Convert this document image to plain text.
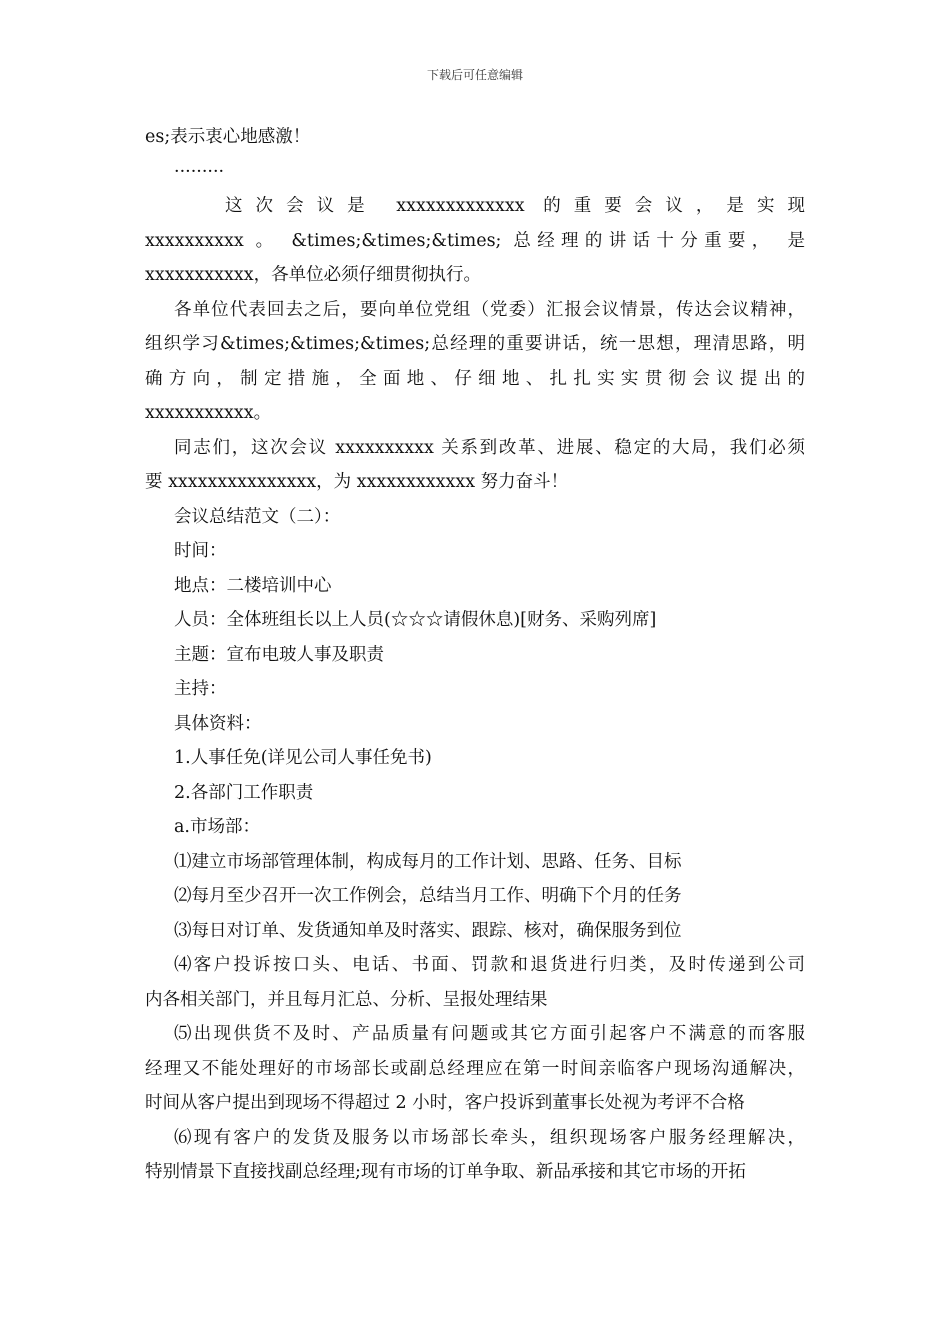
下载后可任意编辑

es;表示衷心地感激！

·········

这次会议是 xxxxxxxxxxxxx 的重要会议，是实现

xxxxxxxxxx 。 &times;&times;&times; 总经理的讲话十分重要， 是

xxxxxxxxxxx，各单位必须仔细贯彻执行。

各单位代表回去之后，要向单位党组（党委）汇报会议情景，传达会议精神，

组织学习&times;&times;&times;总经理的重要讲话，统一思想，理清思路，明

确方向，制定措施，全面地、仔细地、扎扎实实贯彻会议提出的

xxxxxxxxxxx。

同志们，这次会议 xxxxxxxxxx 关系到改革、进展、稳定的大局，我们必须

要 xxxxxxxxxxxxxxx，为 xxxxxxxxxxxx 努力奋斗！

会议总结范文（二）：

时间：

地点：二楼培训中心

人员：全体班组长以上人员(☆☆☆请假休息)[财务、采购列席]

主题：宣布电玻人事及职责

主持：

具体资料：

1.人事任免(详见公司人事任免书)

2.各部门工作职责

a.市场部：

⑴建立市场部管理体制，构成每月的工作计划、思路、任务、目标

⑵每月至少召开一次工作例会，总结当月工作、明确下个月的任务

⑶每日对订单、发货通知单及时落实、跟踪、核对，确保服务到位

⑷客户投诉按口头、电话、书面、罚款和退货进行归类，及时传递到公司

内各相关部门，并且每月汇总、分析、呈报处理结果

⑸出现供货不及时、产品质量有问题或其它方面引起客户不满意的而客服

经理又不能处理好的市场部长或副总经理应在第一时间亲临客户现场沟通解决，

时间从客户提出到现场不得超过 2 小时，客户投诉到董事长处视为考评不合格

⑹现有客户的发货及服务以市场部长牵头，组织现场客户服务经理解决，

特别情景下直接找副总经理;现有市场的订单争取、新品承接和其它市场的开拓
